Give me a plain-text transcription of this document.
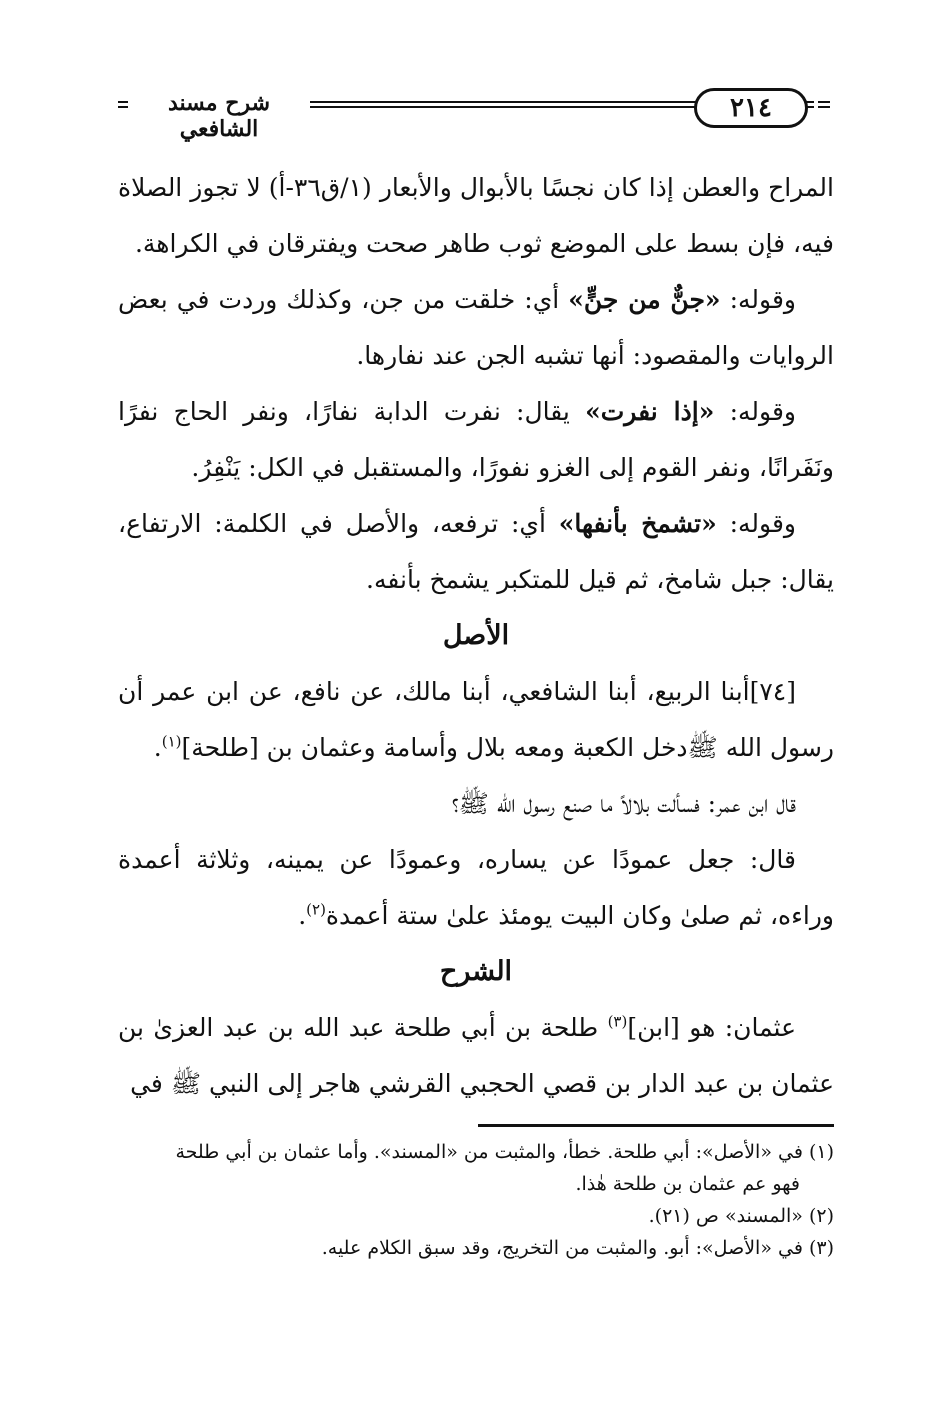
شرح مسند الشافعي
٢١٤

المراح والعطن إذا كان نجسًا بالأبوال والأبعار (١/ق٣٦-أ) لا تجوز الصلاة فيه، فإن بسط على الموضع ثوب طاهر صحت ويفترقان في الكراهة.

وقوله: «جنٌّ من جنٍّ» أي: خلقت من جن، وكذلك وردت في بعض الروايات والمقصود: أنها تشبه الجن عند نفارها.

وقوله: «إذا نفرت» يقال: نفرت الدابة نفارًا، ونفر الحاج نفرًا ونَفَرانًا، ونفر القوم إلى الغزو نفورًا، والمستقبل في الكل: يَنْفِرُ.

وقوله: «تشمخ بأنفها» أي: ترفعه، والأصل في الكلمة: الارتفاع، يقال: جبل شامخ، ثم قيل للمتكبر يشمخ بأنفه.

الأصل

[٧٤]أبنا الربيع، أبنا الشافعي، أبنا مالك، عن نافع، عن ابن عمر أن رسول الله ﷺدخل الكعبة ومعه بلال وأسامة وعثمان بن [طلحة]$^{(١)}$.

قال ابن عمر: فسألت بلالاً ما صنع رسول الله ﷺ؟

قال: جعل عمودًا عن يساره، وعمودًا عن يمينه، وثلاثة أعمدة وراءه، ثم صلىٰ وكان البيت يومئذ علىٰ ستة أعمدة$^{(٢)}$.

الشرح

عثمان: هو [ابن]$^{(٣)}$ طلحة بن أبي طلحة عبد الله بن عبد العزىٰ بن عثمان بن عبد الدار بن قصي الحجبي القرشي هاجر إلى النبي ﷺ في

(١) في «الأصل»: أبي طلحة. خطأ، والمثبت من «المسند». وأما عثمان بن أبي طلحة

فهو عم عثمان بن طلحة هٰذا.

(٢) «المسند» ص (٢١).

(٣) في «الأصل»: أبو. والمثبت من التخريج، وقد سبق الكلام عليه.
